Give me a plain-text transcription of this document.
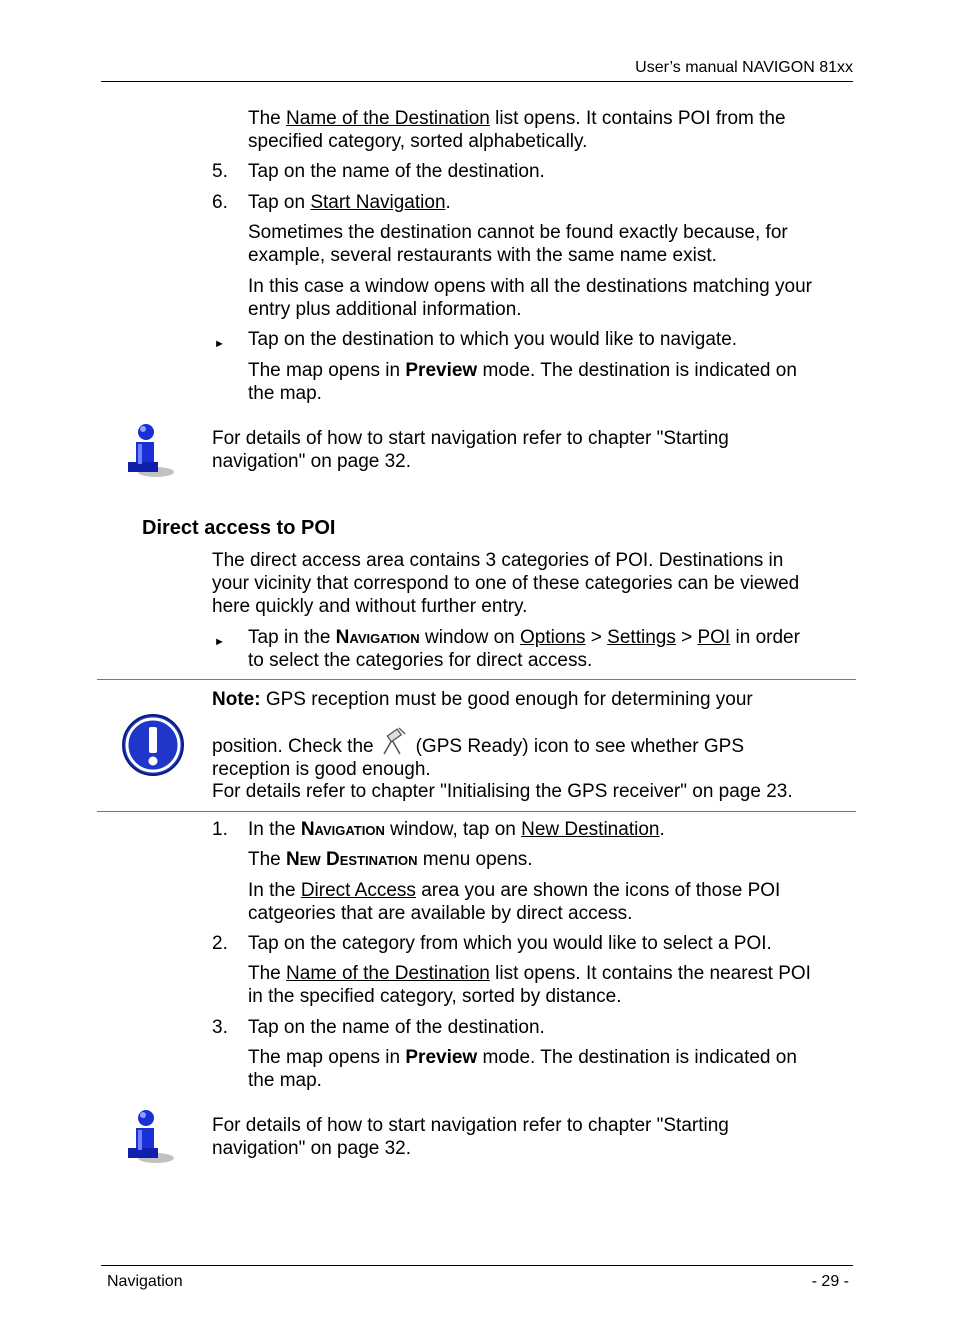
User’s manual NAVIGON 81xx
The Name of the Destination list opens. It contains POI from the
specified category, sorted alphabetically.
5. Tap on the name of the destination.
6. Tap on Start Navigation.
Sometimes the destination cannot be found exactly because, for
example, several restaurants with the same name exist.
In this case a window opens with all the destinations matching your
entry plus additional information.
► Tap on the destination to which you would like to navigate.
The map opens in Preview mode. The destination is indicated on
the map.
For details of how to start navigation refer to chapter "Starting
navigation" on page 32.
Direct access to POI
The direct access area contains 3 categories of POI. Destinations in
your vicinity that correspond to one of these categories can be viewed
here quickly and without further entry.
► Tap in the Navigation window on Options > Settings > POI in order
to select the categories for direct access.
Note: GPS reception must be good enough for determining your
position. Check the (GPS Ready) icon to see whether GPS
reception is good enough.
For details refer to chapter "Initialising the GPS receiver" on page 23.
1. In the Navigation window, tap on New Destination.
The New Destination menu opens.
In the Direct Access area you are shown the icons of those POI
catgeories that are available by direct access.
2. Tap on the category from which you would like to select a POI.
The Name of the Destination list opens. It contains the nearest POI
in the specified category, sorted by distance.
3. Tap on the name of the destination.
The map opens in Preview mode. The destination is indicated on
the map.
For details of how to start navigation refer to chapter "Starting
navigation" on page 32.
Navigation	- 29 -
